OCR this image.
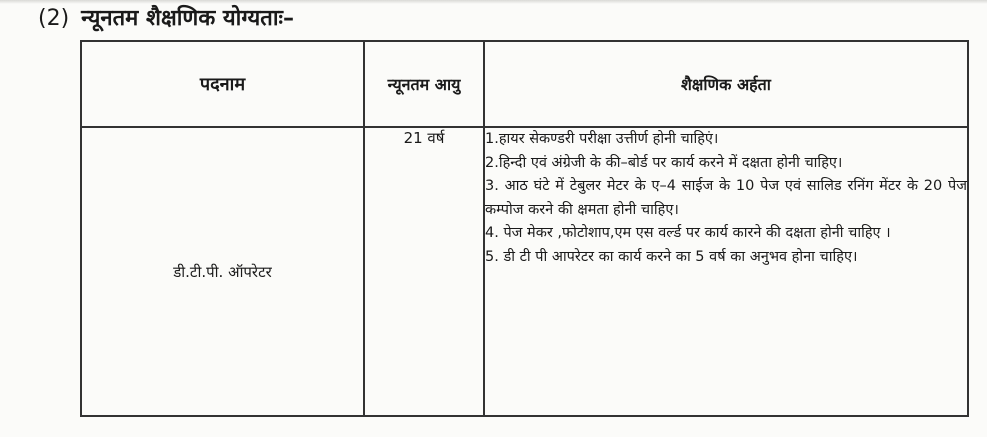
(2) न्यूनतम शैक्षणिक योग्यताः–
पदनाम	न्यूनतम आयु	शैक्षणिक अर्हता
डी.टी.पी. ऑपरेटर	21 वर्ष	1.हायर सेकण्डरी परीक्षा उत्तीर्ण होनी चाहिएं।

2.हिन्दी एवं अंग्रेजी के की–बोर्ड पर कार्य करने में दक्षता होनी चाहिए।

3. आठ घंटे में टेबुलर मेटर के ए–4 साईज के 10 पेज एवं सालिड रनिंग मेंटर के 20 पेज कम्पोज करने की क्षमता होनी चाहिए।

4. पेज मेकर ,फोटोशाप,एम एस वर्ल्ड पर कार्य कारने की दक्षता होनी चाहिए ।

5. डी टी पी आपरेटर का कार्य करने का 5 वर्ष का अनुभव होना चाहिए।
